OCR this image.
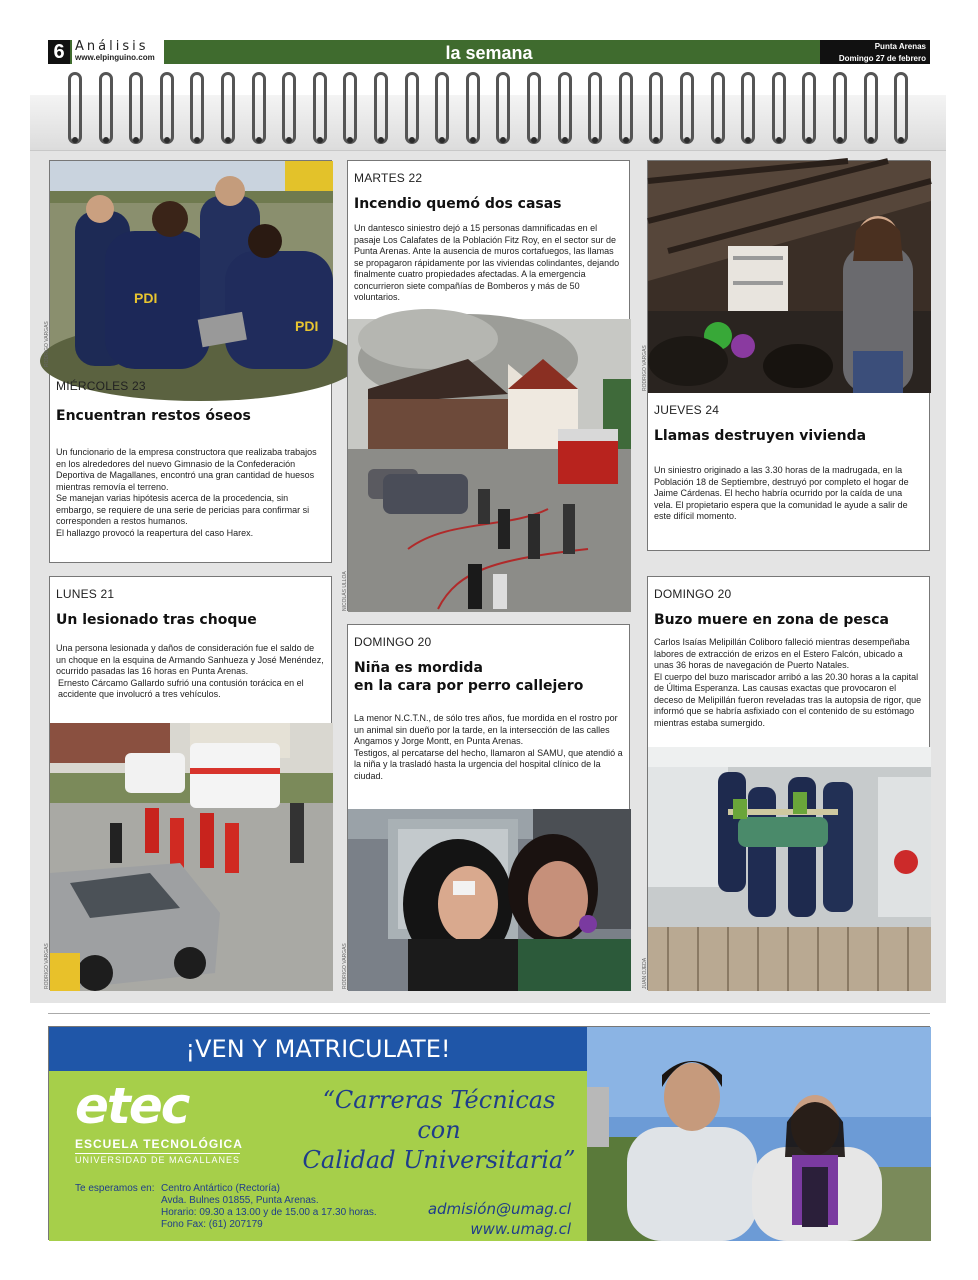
6 Análisis
www.elpinguino.com	la semana	Punta Arenas
Domingo 27 de febrero 2011
PDI
PDI
RODRIGO VARGAS
MIÉRCOLES 23
Encuentran restos óseos

Un funcionario de la empresa constructora que realizaba trabajos en los alrededores del nuevo Gimnasio de la Confederación Deportiva de Magallanes, encontró una gran cantidad de huesos mientras removía el terreno.

Se manejan varias hipótesis acerca de la procedencia, sin embargo, se requiere de una serie de pericias para confirmar si corresponden a restos humanos.

El hallazgo provocó la reapertura del caso Harex.

MARTES 22
Incendio quemó dos casas
Un dantesco siniestro dejó a 15 personas damnificadas en el pasaje Los Calafates de la Población Fitz Roy, en el sector sur de Punta Arenas. Ante la ausencia de muros cortafuegos, las llamas se propagaron rápidamente por las viviendas colindantes, dejando finalmente cuatro propiedades afectadas. A la emergencia concurrieron siete compañías de Bomberos y más de 50 voluntarios.
NICOLÁS ULLOA
RODRIGO VARGAS
JUEVES 24
Llamas destruyen vivienda
Un siniestro originado a las 3.30 horas de la madrugada, en la Población 18 de Septiembre, destruyó por completo el hogar de Jaime Cárdenas. El hecho habría ocurrido por la caída de una vela. El propietario espera que la comunidad le ayude a salir de este difícil momento.
LUNES 21
Un lesionado tras choque

Una persona lesionada y daños de consideración fue el saldo de un choque en la esquina de Armando Sanhueza y José Menéndez, ocurrido pasadas las 16 horas en Punta Arenas.

Ernesto Cárcamo Gallardo sufrió una contusión torácica en el accidente que involucró a tres vehículos.

RODRIGO VARGAS
DOMINGO 20
Niña es mordida
en la cara por perro callejero

La menor N.C.T.N., de sólo tres años, fue mordida en el rostro por un animal sin dueño por la tarde, en la intersección de las calles Angamos y Jorge Montt, en Punta Arenas.

Testigos, al percatarse del hecho, llamaron al SAMU, que atendió a la niña y la trasladó hasta la urgencia del hospital clínico de la ciudad.

RODRIGO VARGAS
DOMINGO 20
Buzo muere en zona de pesca

Carlos Isaías Melipillán Coliboro falleció mientras desempeñaba labores de extracción de erizos en el Estero Falcón, ubicado a unas 36 horas de navegación de Puerto Natales.

El cuerpo del buzo mariscador arribó a las 20.30 horas a la capital de Última Esperanza. Las causas exactas que provocaron el deceso de Melipillán fueron reveladas tras la autopsia de rigor, que informó que se habría asfixiado con el contenido de su estómago mientras estaba sumergido.

JUAN OJEDA
¡VEN Y MATRICULATE!
etec
ESCUELA TECNOLÓGICA
UNIVERSIDAD DE MAGALLANES
“Carreras Técnicas con
Calidad Universitaria”
Te esperamos en: Centro Antártico (Rectoría)
Avda. Bulnes 01855, Punta Arenas.
Horario: 09.30 a 13.00 y de 15.00 a 17.30 horas.
Fono Fax: (61) 207179
admisión@umag.cl
www.umag.cl
